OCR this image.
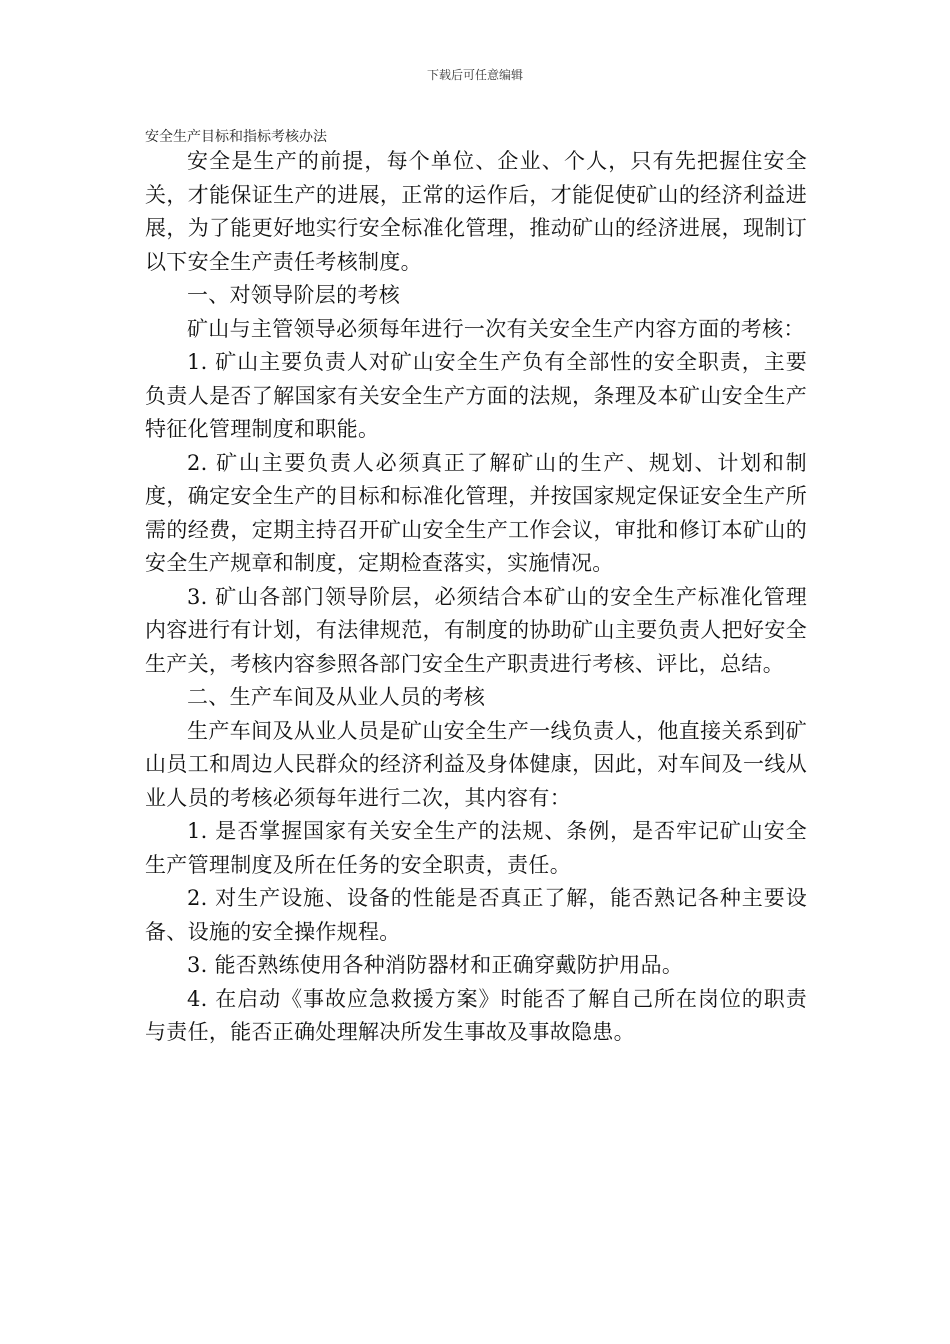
下载后可任意编辑
安全生产目标和指标考核办法

安全是生产的前提，每个单位、企业、个人，只有先把握住安全关，才能保证生产的进展，正常的运作后，才能促使矿山的经济利益进展，为了能更好地实行安全标准化管理，推动矿山的经济进展，现制订以下安全生产责任考核制度。

一、对领导阶层的考核

矿山与主管领导必须每年进行一次有关安全生产内容方面的考核：

1. 矿山主要负责人对矿山安全生产负有全部性的安全职责，主要负责人是否了解国家有关安全生产方面的法规，条理及本矿山安全生产特征化管理制度和职能。

2. 矿山主要负责人必须真正了解矿山的生产、规划、计划和制度，确定安全生产的目标和标准化管理，并按国家规定保证安全生产所需的经费，定期主持召开矿山安全生产工作会议，审批和修订本矿山的安全生产规章和制度，定期检查落实，实施情况。

3. 矿山各部门领导阶层，必须结合本矿山的安全生产标准化管理内容进行有计划，有法律规范，有制度的协助矿山主要负责人把好安全生产关，考核内容参照各部门安全生产职责进行考核、评比，总结。

二、生产车间及从业人员的考核

生产车间及从业人员是矿山安全生产一线负责人，他直接关系到矿山员工和周边人民群众的经济利益及身体健康，因此，对车间及一线从业人员的考核必须每年进行二次，其内容有：

1. 是否掌握国家有关安全生产的法规、条例，是否牢记矿山安全生产管理制度及所在任务的安全职责，责任。

2. 对生产设施、设备的性能是否真正了解，能否熟记各种主要设备、设施的安全操作规程。

3. 能否熟练使用各种消防器材和正确穿戴防护用品。

4. 在启动《事故应急救援方案》时能否了解自己所在岗位的职责与责任，能否正确处理解决所发生事故及事故隐患。
